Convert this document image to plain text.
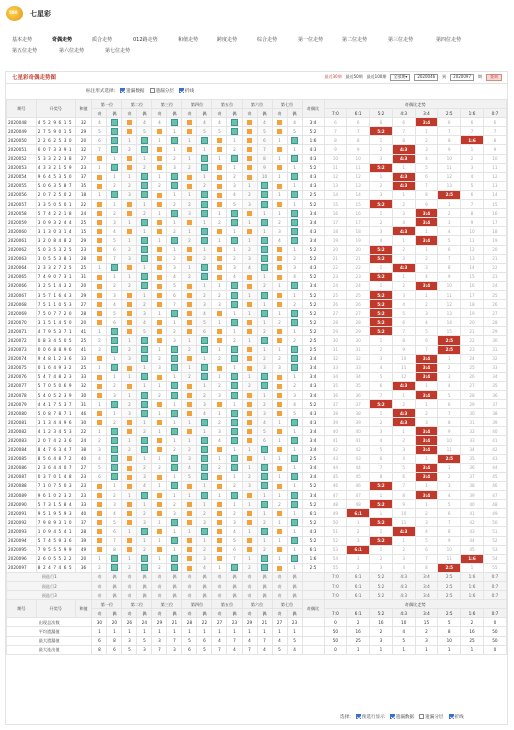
500 七星彩
基本走势	奇偶走势	质合走势	012路走势	和值走势	跨度走势	综合走势	第一位走势	第二位走势	第三位走势	第四位走势
第五位走势	第六位走势	第七位走势
七星彩奇偶走势图	最近30期 最近50期 最近100期 全部期 ▾	2020046	到	2020097	期	查询
标注形式选择:	遗漏数据	遗漏分层	折线
期号	开奖号	和值	第一位		第二位		第三位		第四位		第五位		第六位		第七位		奇偶比	奇偶比走势							
			奇	偶	奇	偶	奇	偶	奇	偶	奇	偶	奇	偶	奇	偶		7:0	6:1	5:2	4:3	3:4	2:5	1:6	0:7
2020048	4 5 2 9 6 1 5	32	4			4	4			4	4			4		4	3:4	6	6	6	6	3:4	6	6	6
2020049	2 7 5 9 0 1 5	29	5			5		1		5	5			5		5	5:2	7	7	5:2	7	1	7	7	7
2020050	2 2 6 2 5 3 0	20	6		1		1		1			1		6	1		1:6	8	8	1	8	2	8	1:6	8
2020051	6 0 7 3 3 9 1	32	7		2			1		1		2		7		1	4:3	9	9	2	4:3	3	9	1	9
2020052	5 3 3 2 2 3 8	27		1		1		2	1		1			8	1		4:3	10	10	3	4:3	4	10	2	10
2020053	4 3 3 2 1 5 9	23	1			2		3	2			1		9		1	5:2	11	11	5:2	1	5	11	3	11
2020054	9 6 4 5 3 5 0	37		1	1		1			1		2		10	1		4:3	12	12	1	4:3	6	12	4	12
2020055	5 0 6 3 5 8 7	35		2	2		2			2		3	1			1	4:3	13	13	2	4:3	7	13	5	13
2020056	2 0 7 2 5 0 2	18	1		3			1	1			4	2		1		2:5	14	14	3	1	8	2:5	6	14
2020057	3 3 5 0 5 0 1	22		1		1		2	2			5	3			1	5:2	15	15	5:2	2	9	1	7	15
2020058	5 7 4 2 2 1 8	24		2		2	1		3		1			1	1		3:4	16	16	1	3	3:4	2	8	16
2020059	3 0 9 3 2 4 4	25		3	1			1		1	2		1		2		3:4	17	17	2	4	3:4	3	9	17
2020060	3 1 3 0 3 1 4	15		4		1		2	1			1		1	3		4:3	18	18	3	4:3	1	4	10	18
2020061	3 2 0 8 4 8 2	29		5	1		1		2		1		1		4		3:4	19	19	4	1	3:4	5	11	19
2020062	5 0 3 5 3 2 5	23		6	2			1		1		1	2			1	5:2	20	20	5:2	2	1	6	12	20
2020063	3 0 5 5 3 8 1	28		7	3			2		2		2	3			2	5:2	21	21	5:2	3	2	7	13	21
2020064	2 3 3 2 7 2 5	25	1			1		3	1			3	4			3	4:3	22	22	1	4:3	3	8	14	22
2020065	7 4 9 0 7 3 1	31		1	1			4	2			4		1		4	5:2	23	23	5:2	1	4	9	15	23
2020066	3 2 5 1 4 3 2	20		2	2			5		1	1			2	1		3:4	24	24	1	2	3:4	10	16	24
2020067	3 5 7 1 6 4 3	29		3		1		6		2	2		1			1	5:2	25	25	5:2	3	1	11	17	25
2020068	7 5 1 1 0 5 3	27		4		2		7		3	3			1		2	5:2	26	26	5:2	4	2	12	18	26
2020069	7 5 0 7 7 2 0	28		5		3	1			4		1	1		1		5:2	27	27	5:2	5	3	13	19	27
2020070	3 1 5 1 4 5 0	20		6		4		1		5	1			1	2		5:2	28	28	5:2	6	4	14	20	28
2020071	4 7 9 5 3 7 1	41	1			5		2		6		1		2		1	5:2	29	29	5:2	7	5	15	21	29
2020072	0 8 3 4 5 0 5	25	2		1			3	1			2	1			2	2:5	30	30	1	8	6	2:5	22	30
2020073	0 0 6 8 8 9 6	41	3		2		1		2		1			1	1		2:5	31	31	2	9	7	2:5	23	31
2020074	9 4 8 1 2 3 6	33		1	3		2			1	2			2	2		3:4	32	32	3	10	3:4	1	24	32
2020075	0 1 6 4 9 3 2	25	1			1	3		1			1		3	3		3:4	33	33	4	11	3:4	2	25	33
2020076	5 4 7 4 8 2 3	33		1	1			1	2		1		1			1	3:4	34	34	5	12	3:4	3	26	34
2020077	5 7 0 5 0 6 9	32		2		1	1			1	2		2			2	4:3	35	35	6	4:3	1	4	27	35
2020078	5 4 0 5 2 3 9	30		3	1		2			2	3			1		3	3:4	36	36	7	1	3:4	5	28	36
2020079	4 4 1 7 5 3 7	31	1		2			1		3		1		2		4	5:2	37	37	5:2	2	1	6	29	37
2020080	5 0 8 7 8 7 1	46		1	3		1			4	1			3		5	4:3	38	38	1	4:3	2	7	30	38
2020081	3 1 3 4 4 9 6	30		2		1		1	1		2			4	1		4:3	39	39	2	4:3	3	8	31	39
2020082	4 1 2 3 4 5 3	22	1			2	1			1	3			5		1	3:4	40	40	3	1	3:4	9	32	40
2020083	2 0 7 4 2 3 6	24	2		1			1	1		4			6	1		3:4	41	41	4	2	3:4	10	33	41
2020084	8 4 7 6 3 4 7	38	3		2			2	2			1	1			1	3:4	42	42	5	3	3:4	11	34	42
2020085	8 5 6 4 8 7 2	40	4			1	1		3		1			1	1		2:5	43	43	6	4	1	2:5	35	43
2020086	2 3 6 4 4 0 7	27	5			2	2		4		2		1			1	3:4	44	44	7	5	3:4	1	36	44
2020087	0 3 7 0 1 4 8	23	6			3		1	5			1	2		1		3:4	45	45	8	6	3:4	2	37	45
2020088	7 1 0 7 5 0 3	23		1		4	1			1		2	3			1	5:2	46	46	5:2	7	1	3	38	46
2020089	9 6 1 0 2 3 2	23		2	1			1	1		1			1	1		3:4	47	47	1	8	3:4	4	39	47
2020090	5 7 3 1 5 8 4	33		3		1		2		1		1	1		2		5:2	48	48	5:2	9	1	5	40	48
2020091	9 5 1 9 5 9 3	40		4		2		3		2		2		1		1	6:1	49	6:1	1	10	2	6	41	49
2020092	7 9 8 9 3 1 0	37		5		3	1			3		3		2	1		5:2	50	1	5:2	11	3	7	42	50
2020093	1 0 9 4 5 4 1	28		6	1			1	1			4	1			1	4:3	51	2	1	4:3	4	8	43	51
2020094	5 7 4 5 9 3 6	39		7		1	1			1		5		1	1		5:2	52	3	5:2	1	5	9	44	52
2020095	7 9 5 5 5 9 9	49		8		2		1		2		6		2		1	6:1	53	6:1	1	2	6	10	45	53
2020096	2 6 0 5 5 2 2	20	1		1		1			3		7	1		1		1:6	54	1	2	3	7	11	1:6	54
2020097	8 2 4 7 4 6 5	36	2		2		2			4	1		2			1	2:5	55	2	3	4	8	2:5	1	55
预选行1			奇	偶	奇	偶	奇	偶	奇	偶	奇	偶	奇	偶	奇	偶		7:0	6:1	5:2	4:3	3:4	2:5	1:6	0:7
预选行2			奇	偶	奇	偶	奇	偶	奇	偶	奇	偶	奇	偶	奇	偶		7:0	6:1	5:2	4:3	3:4	2:5	1:6	0:7
预选行3			奇	偶	奇	偶	奇	偶	奇	偶	奇	偶	奇	偶	奇	偶		7:0	6:1	5:2	4:3	3:4	2:5	1:6	0:7
期号	开奖号	和值	第一位		第二位		第三位		第四位		第五位		第六位		第七位		奇偶比	奇偶比走势							
			奇	偶	奇	偶	奇	偶	奇	偶	奇	偶	奇	偶	奇	偶		7:0	6:1	5:2	4:3	3:4	2:5	1:6	0:7
出现总次数			30	20	26	24	29	21	28	22	27	23	29	21	27	23		0	2	16	10	15	5	2	0
平均遗漏值			1	1	1	1	1	1	1	1	1	1	1	1	1	1		50	16	2	4	2	8	16	50
最大遗漏值			6	8	3	5	3	7	5	6	4	7	4	7	4	5		50	25	3	5	3	10	25	50
最大连出值			8	6	5	3	7	3	6	5	7	4	7	4	5	4		0	1	1	1	1	1	1	0
选择:	预选行显示	遗漏数据	遗漏分层	折线
